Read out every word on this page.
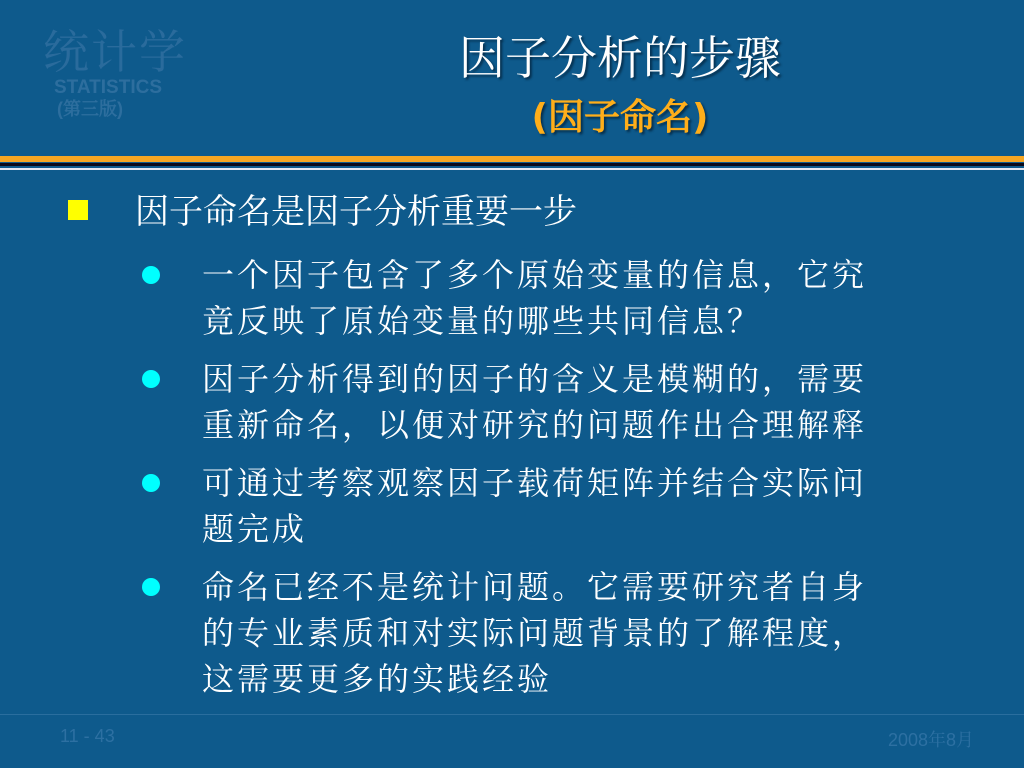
统计学
STATISTICS
(第三版)
因子分析的步骤
(因子命名)
因子命名是因子分析重要一步
一个因子包含了多个原始变量的信息，它究
竟反映了原始变量的哪些共同信息？
因子分析得到的因子的含义是模糊的，需要
重新命名，以便对研究的问题作出合理解释
可通过考察观察因子载荷矩阵并结合实际问
题完成
命名已经不是统计问题。它需要研究者自身
的专业素质和对实际问题背景的了解程度，
这需要更多的实践经验
11 - 43	2008年8月
